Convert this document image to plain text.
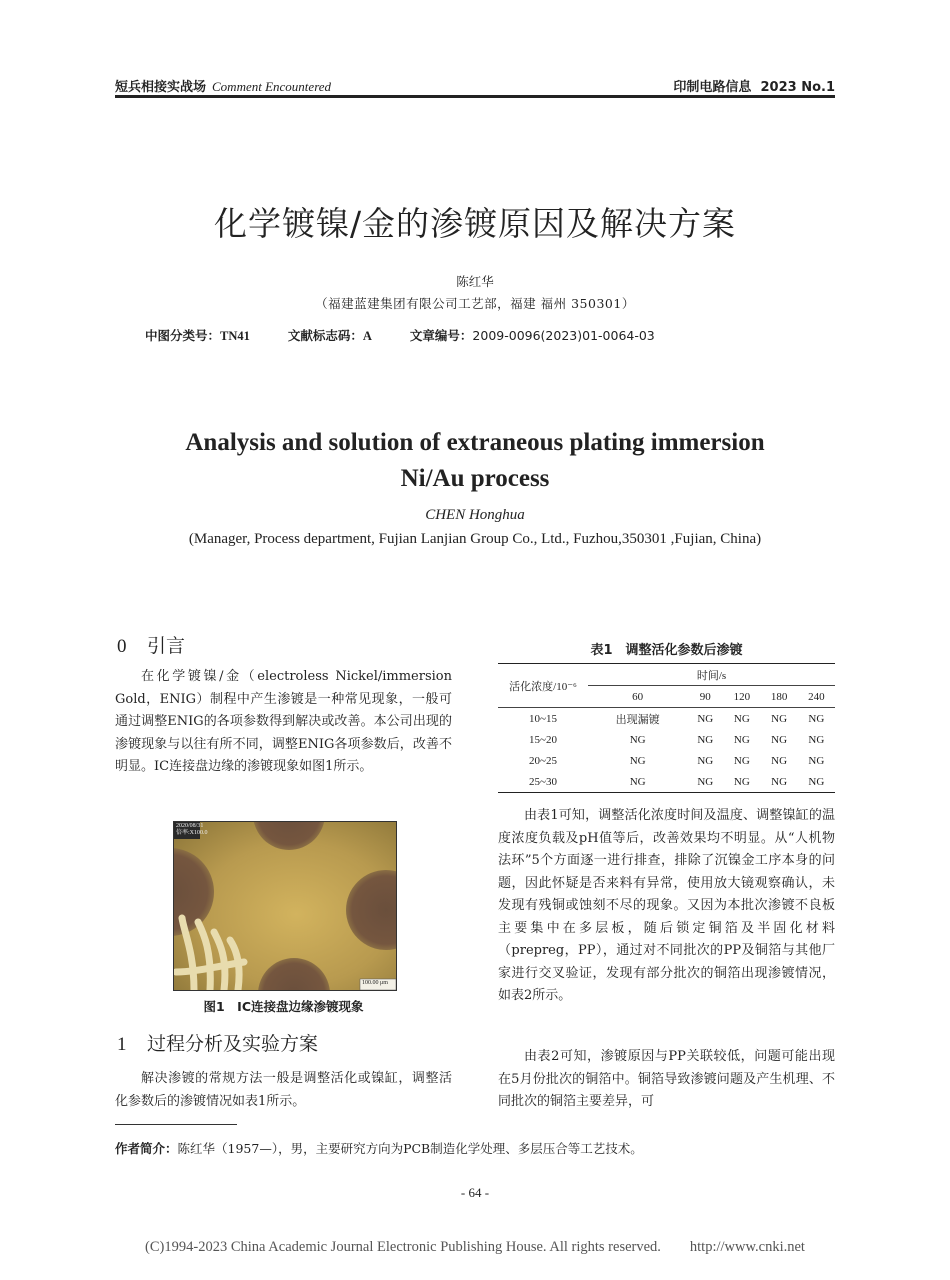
短兵相接实战场 Comment Encountered	印制电路信息 2023 No.1
化学镀镍/金的渗镀原因及解决方案
陈红华
（福建蓝建集团有限公司工艺部，福建 福州 350301）
中图分类号：TN41	文献标志码：A	文章编号：2009-0096(2023)01-0064-03
Analysis and solution of extraneous plating immersion
Ni/Au process
CHEN Honghua
(Manager, Process department, Fujian Lanjian Group Co., Ltd., Fuzhou,350301 ,Fujian, China)
0 引言
在化学镀镍/金（electroless Nickel/immersion Gold，ENIG）制程中产生渗镀是一种常见现象，一般可通过调整ENIG的各项参数得到解决或改善。本公司出现的渗镀现象与以往有所不同，调整ENIG各项参数后，改善不明显。IC连接盘边缘的渗镀现象如图1所示。
2020/08/31
倍率:X100.0
100.00 μm
图1　IC连接盘边缘渗镀现象
1 过程分析及实验方案
解决渗镀的常规方法一般是调整活化或镍缸，调整活化参数后的渗镀情况如表1所示。
作者简介：陈红华（1957—），男，主要研究方向为PCB制造化学处理、多层压合等工艺技术。
表1　调整活化参数后渗镀
活化浓度/10⁻⁶	时间/s				
	60	90	120	180	240
10~15	出现漏镀	NG	NG	NG	NG
15~20	NG	NG	NG	NG	NG
20~25	NG	NG	NG	NG	NG
25~30	NG	NG	NG	NG	NG
由表1可知，调整活化浓度时间及温度、调整镍缸的温度浓度负载及pH值等后，改善效果均不明显。从“人机物法环”5个方面逐一进行排查，排除了沉镍金工序本身的问题，因此怀疑是否来料有异常，使用放大镜观察确认，未发现有残铜或蚀刻不尽的现象。又因为本批次渗镀不良板主要集中在多层板，随后锁定铜箔及半固化材料（prepreg，PP），通过对不同批次的PP及铜箔与其他厂家进行交叉验证，发现有部分批次的铜箔出现渗镀情况，如表2所示。
由表2可知，渗镀原因与PP关联较低，问题可能出现在5月份批次的铜箔中。铜箔导致渗镀问题及产生机理、不同批次的铜箔主要差异，可
- 64 -
(C)1994-2023 China Academic Journal Electronic Publishing House. All rights reserved.　　http://www.cnki.net
